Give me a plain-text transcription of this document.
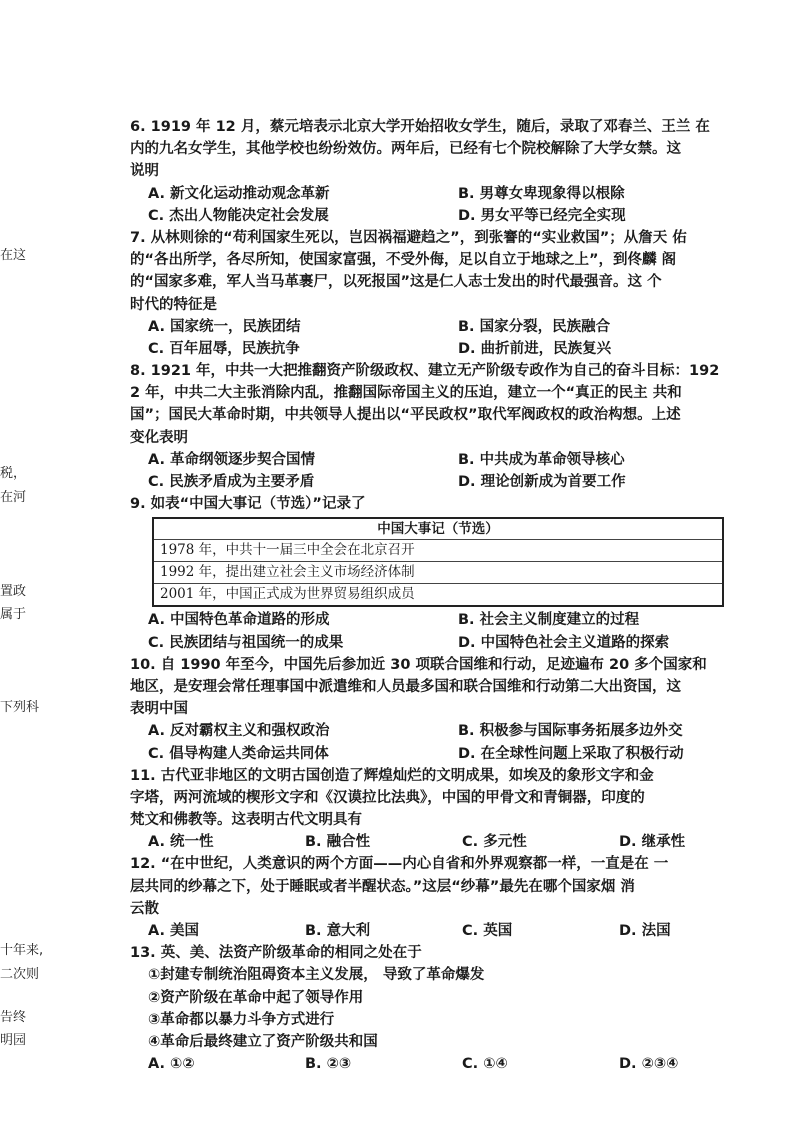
在这
税，
在河
置政
属于
下列科
十年来,
二次则
告终
明园
6. 1919 年 12 月，蔡元培表示北京大学开始招收女学生，随后，录取了邓春兰、王兰 在
内的九名女学生，其他学校也纷纷效仿。两年后，已经有七个院校解除了大学女禁。这
说明
A. 新文化运动推动观念革新	B. 男尊女卑现象得以根除
C. 杰出人物能决定社会发展	D. 男女平等已经完全实现
7. 从林则徐的“苟利国家生死以，岂因祸福避趋之”，到张謇的“实业救国”；从詹天 佑
的“各出所学，各尽所知，使国家富强，不受外侮，足以自立于地球之上”，到佟麟 阁
的“国家多难，军人当马革裹尸，以死报国”这是仁人志士发出的时代最强音。这 个
时代的特征是
A. 国家统一，民族团结	B. 国家分裂，民族融合
C. 百年屈辱，民族抗争	D. 曲折前进，民族复兴
8. 1921 年，中共一大把推翻资产阶级政权、建立无产阶级专政作为自己的奋斗目标：192
2 年，中共二大主张消除内乱，推翻国际帝国主义的压迫，建立一个“真正的民主 共和
国”；国民大革命时期，中共领导人提出以“平民政权”取代军阀政权的政治构想。上述
变化表明
A. 革命纲领逐步契合国情	B. 中共成为革命领导核心
C. 民族矛盾成为主要矛盾	D. 理论创新成为首要工作
9. 如表“中国大事记（节选）”记录了
中国大事记（节选）
1978 年，中共十一届三中全会在北京召开
1992 年，提出建立社会主义市场经济体制
2001 年，中国正式成为世界贸易组织成员
A. 中国特色革命道路的形成	B. 社会主义制度建立的过程
C. 民族团结与祖国统一的成果	D. 中国特色社会主义道路的探索
10. 自 1990 年至今，中国先后参加近 30 项联合国维和行动，足迹遍布 20 多个国家和
地区，是安理会常任理事国中派遣维和人员最多国和联合国维和行动第二大出资国，这
表明中国
A. 反对霸权主义和强权政治	B. 积极参与国际事务拓展多边外交
C. 倡导构建人类命运共同体	D. 在全球性问题上采取了积极行动
11. 古代亚非地区的文明古国创造了辉煌灿烂的文明成果，如埃及的象形文字和金
字塔，两河流域的楔形文字和《汉谟拉比法典》，中国的甲骨文和青铜器，印度的
梵文和佛教等。这表明古代文明具有
A. 统一性	B. 融合性	C. 多元性	D. 继承性
12. “在中世纪，人类意识的两个方面——内心自省和外界观察都一样，一直是在 一
层共同的纱幕之下，处于睡眠或者半醒状态。”这层“纱幕”最先在哪个国家烟 消
云散
A. 美国	B. 意大利	C. 英国	D. 法国
13. 英、美、法资产阶级革命的相同之处在于
①封建专制统治阻碍资本主义发展， 导致了革命爆发
②资产阶级在革命中起了领导作用
③革命都以暴力斗争方式进行
④革命后最终建立了资产阶级共和国
A. ①②	B. ②③	C. ①④	D. ②③④
